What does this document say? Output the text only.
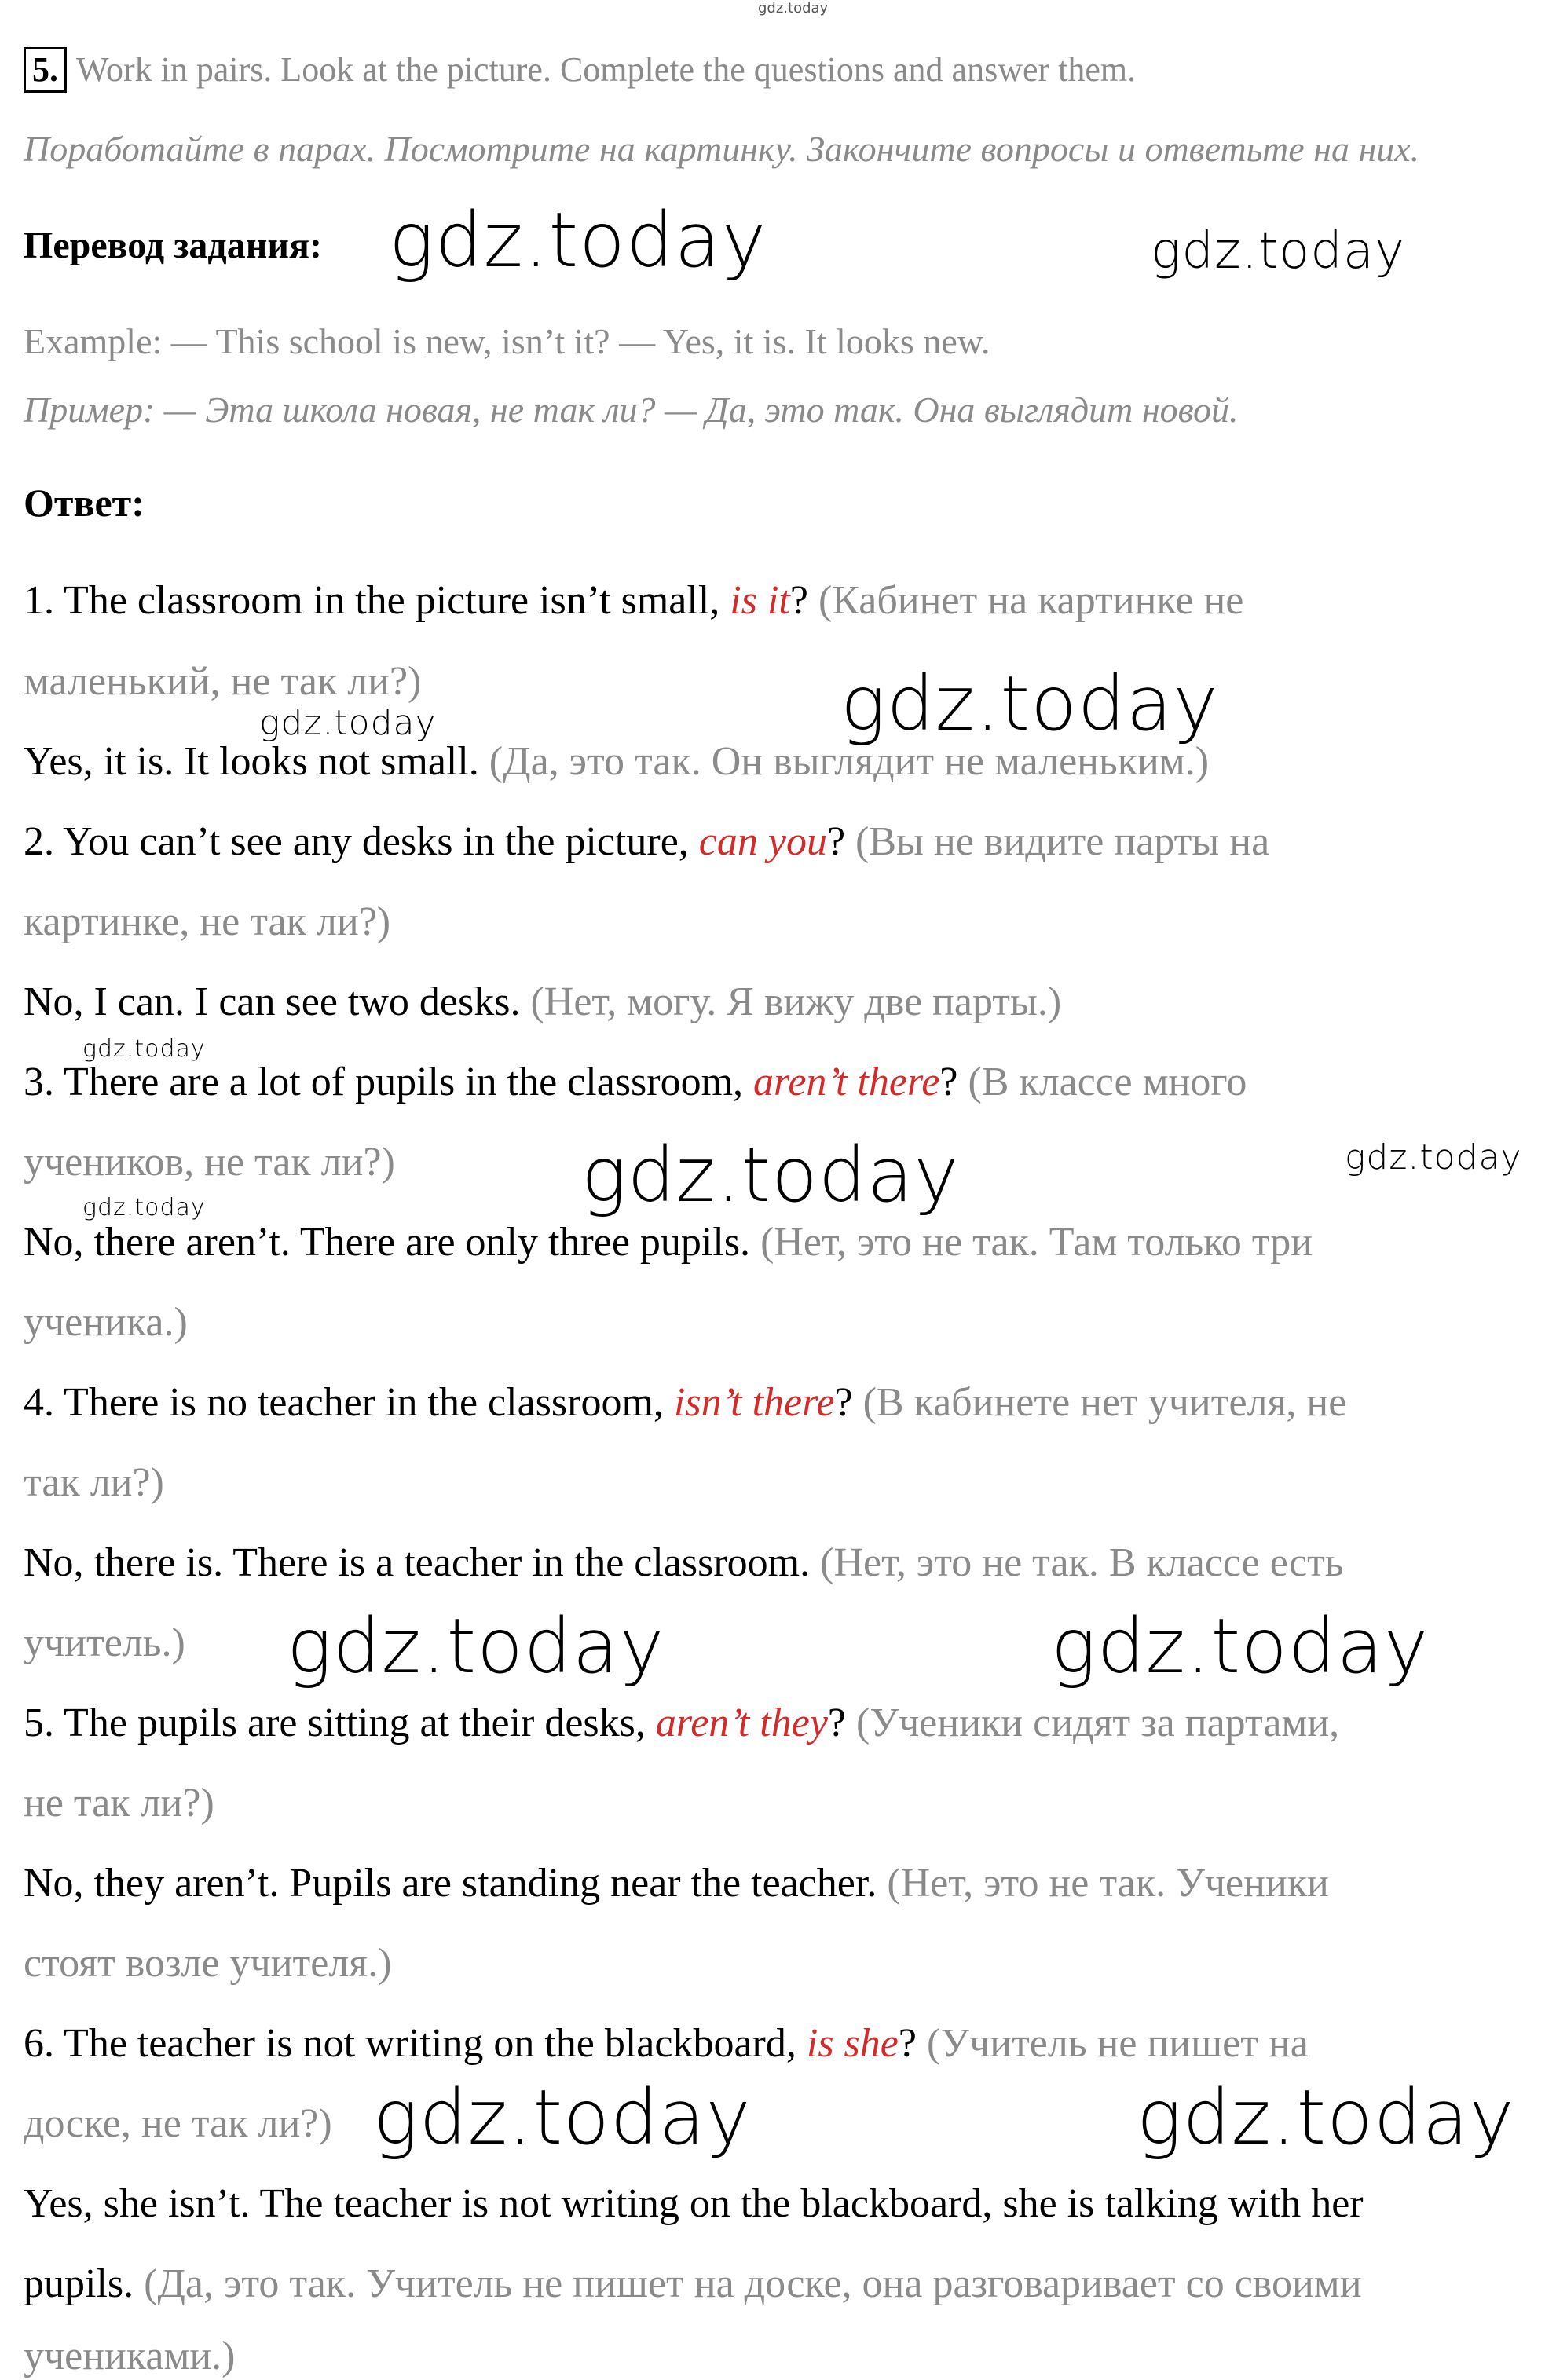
gdz.today
5. Work in pairs. Look at the picture. Complete the questions and answer them.
Поработайте в парах. Посмотрите на картинку. Закончите вопросы и ответьте на них.
Перевод задания:
Example: — This school is new, isn’t it? — Yes, it is. It looks new.
Пример: — Эта школа новая, не так ли? — Да, это так. Она выглядит новой.
Ответ:
1. The classroom in the picture isn’t small, is it? (Кабинет на картинке не
маленький, не так ли?)
Yes, it is. It looks not small. (Да, это так. Он выглядит не маленьким.)
2. You can’t see any desks in the picture, can you? (Вы не видите парты на
картинке, не так ли?)
No, I can. I can see two desks. (Нет, могу. Я вижу две парты.)
3. There are a lot of pupils in the classroom, aren’t there? (В классе много
учеников, не так ли?)
No, there aren’t. There are only three pupils. (Нет, это не так. Там только три
ученика.)
4. There is no teacher in the classroom, isn’t there? (В кабинете нет учителя, не
так ли?)
No, there is. There is a teacher in the classroom. (Нет, это не так. В классе есть
учитель.)
5. The pupils are sitting at their desks, aren’t they? (Ученики сидят за партами,
не так ли?)
No, they aren’t. Pupils are standing near the teacher. (Нет, это не так. Ученики
стоят возле учителя.)
6. The teacher is not writing on the blackboard, is she? (Учитель не пишет на
доске, не так ли?)
Yes, she isn’t. The teacher is not writing on the blackboard, she is talking with her
pupils. (Да, это так. Учитель не пишет на доске, она разговаривает со своими
учениками.)
gdz.today	gdz.today
gdz.today	gdz.today
gdz.today
gdz.today	gdz.today
gdz.today
gdz.today	gdz.today
gdz.today	gdz.today
